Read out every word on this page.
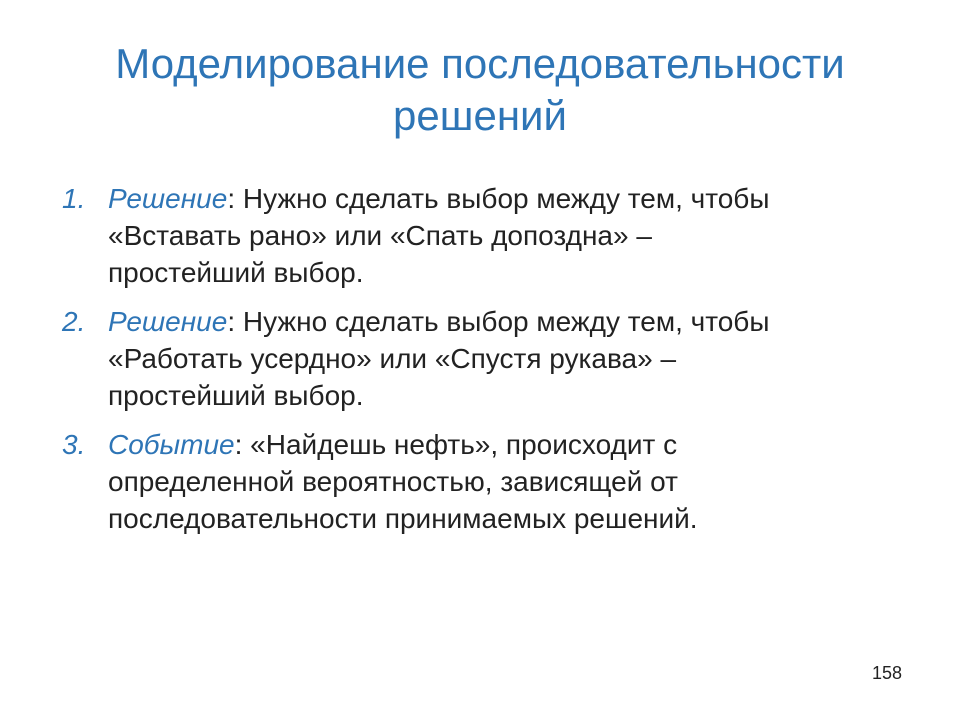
Моделирование последовательности
решений
1. Решение: Нужно сделать выбор между тем, чтобы
«Вставать рано» или «Спать допоздна» –
простейший выбор.
2. Решение: Нужно сделать выбор между тем, чтобы
«Работать усердно» или «Спустя рукава» –
простейший выбор.
3. Событие: «Найдешь нефть», происходит с
определенной вероятностью, зависящей от
последовательности принимаемых решений.
158
